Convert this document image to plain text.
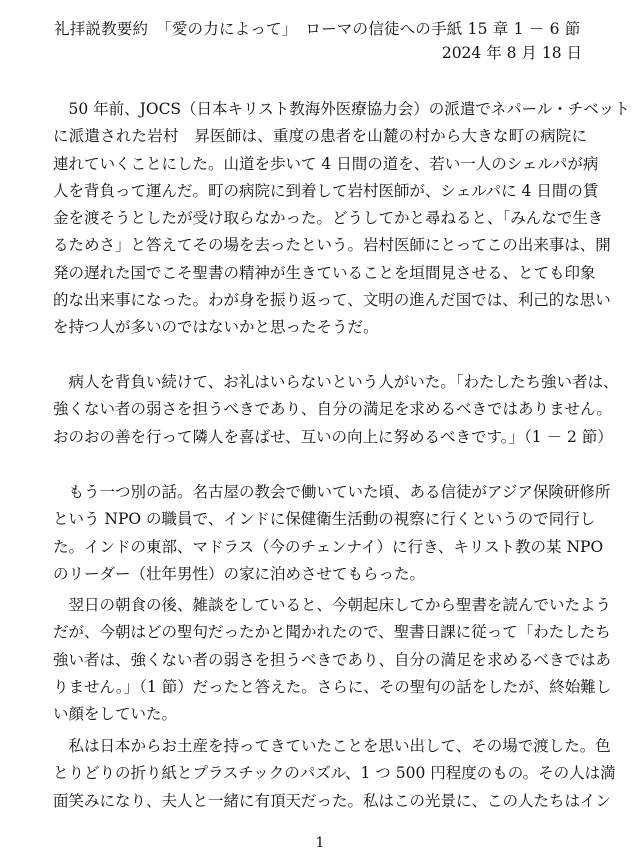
礼拝説教要約　「愛の力によって」　ローマの信徒への手紙 15 章 1 － 6 節
2024 年 8 月 18 日
　50 年前、JOCS（日本キリスト教海外医療協力会）の派遣でネパール・チベット
に派遣された岩村　昇医師は、重度の患者を山麓の村から大きな町の病院に
連れていくことにした。山道を歩いて 4 日間の道を、若い一人のシェルパが病
人を背負って運んだ。町の病院に到着して岩村医師が、シェルパに 4 日間の賃
金を渡そうとしたが受け取らなかった。どうしてかと尋ねると、「みんなで生き
るためさ」と答えてその場を去ったという。岩村医師にとってこの出来事は、開
発の遅れた国でこそ聖書の精神が生きていることを垣間見させる、とても印象
的な出来事になった。わが身を振り返って、文明の進んだ国では、利己的な思い
を持つ人が多いのではないかと思ったそうだ。
　病人を背負い続けて、お礼はいらないという人がいた。「わたしたち強い者は、
強くない者の弱さを担うべきであり、自分の満足を求めるべきではありません。
おのおの善を行って隣人を喜ばせ、互いの向上に努めるべきです。」（1 － 2 節）
　もう一つ別の話。名古屋の教会で働いていた頃、ある信徒がアジア保険研修所
という NPO の職員で、インドに保健衛生活動の視察に行くというので同行し
た。インドの東部、マドラス（今のチェンナイ）に行き、キリスト教の某 NPO
のリーダー（壮年男性）の家に泊めさせてもらった。
　翌日の朝食の後、雑談をしていると、今朝起床してから聖書を読んでいたよう
だが、今朝はどの聖句だったかと聞かれたので、聖書日課に従って「わたしたち
強い者は、強くない者の弱さを担うべきであり、自分の満足を求めるべきではあ
りません。」（1 節）だったと答えた。さらに、その聖句の話をしたが、終始難し
い顔をしていた。
　私は日本からお土産を持ってきていたことを思い出して、その場で渡した。色
とりどりの折り紙とプラスチックのパズル、1 つ 500 円程度のもの。その人は満
面笑みになり、夫人と一緒に有頂天だった。私はこの光景に、この人たちはイン
1
